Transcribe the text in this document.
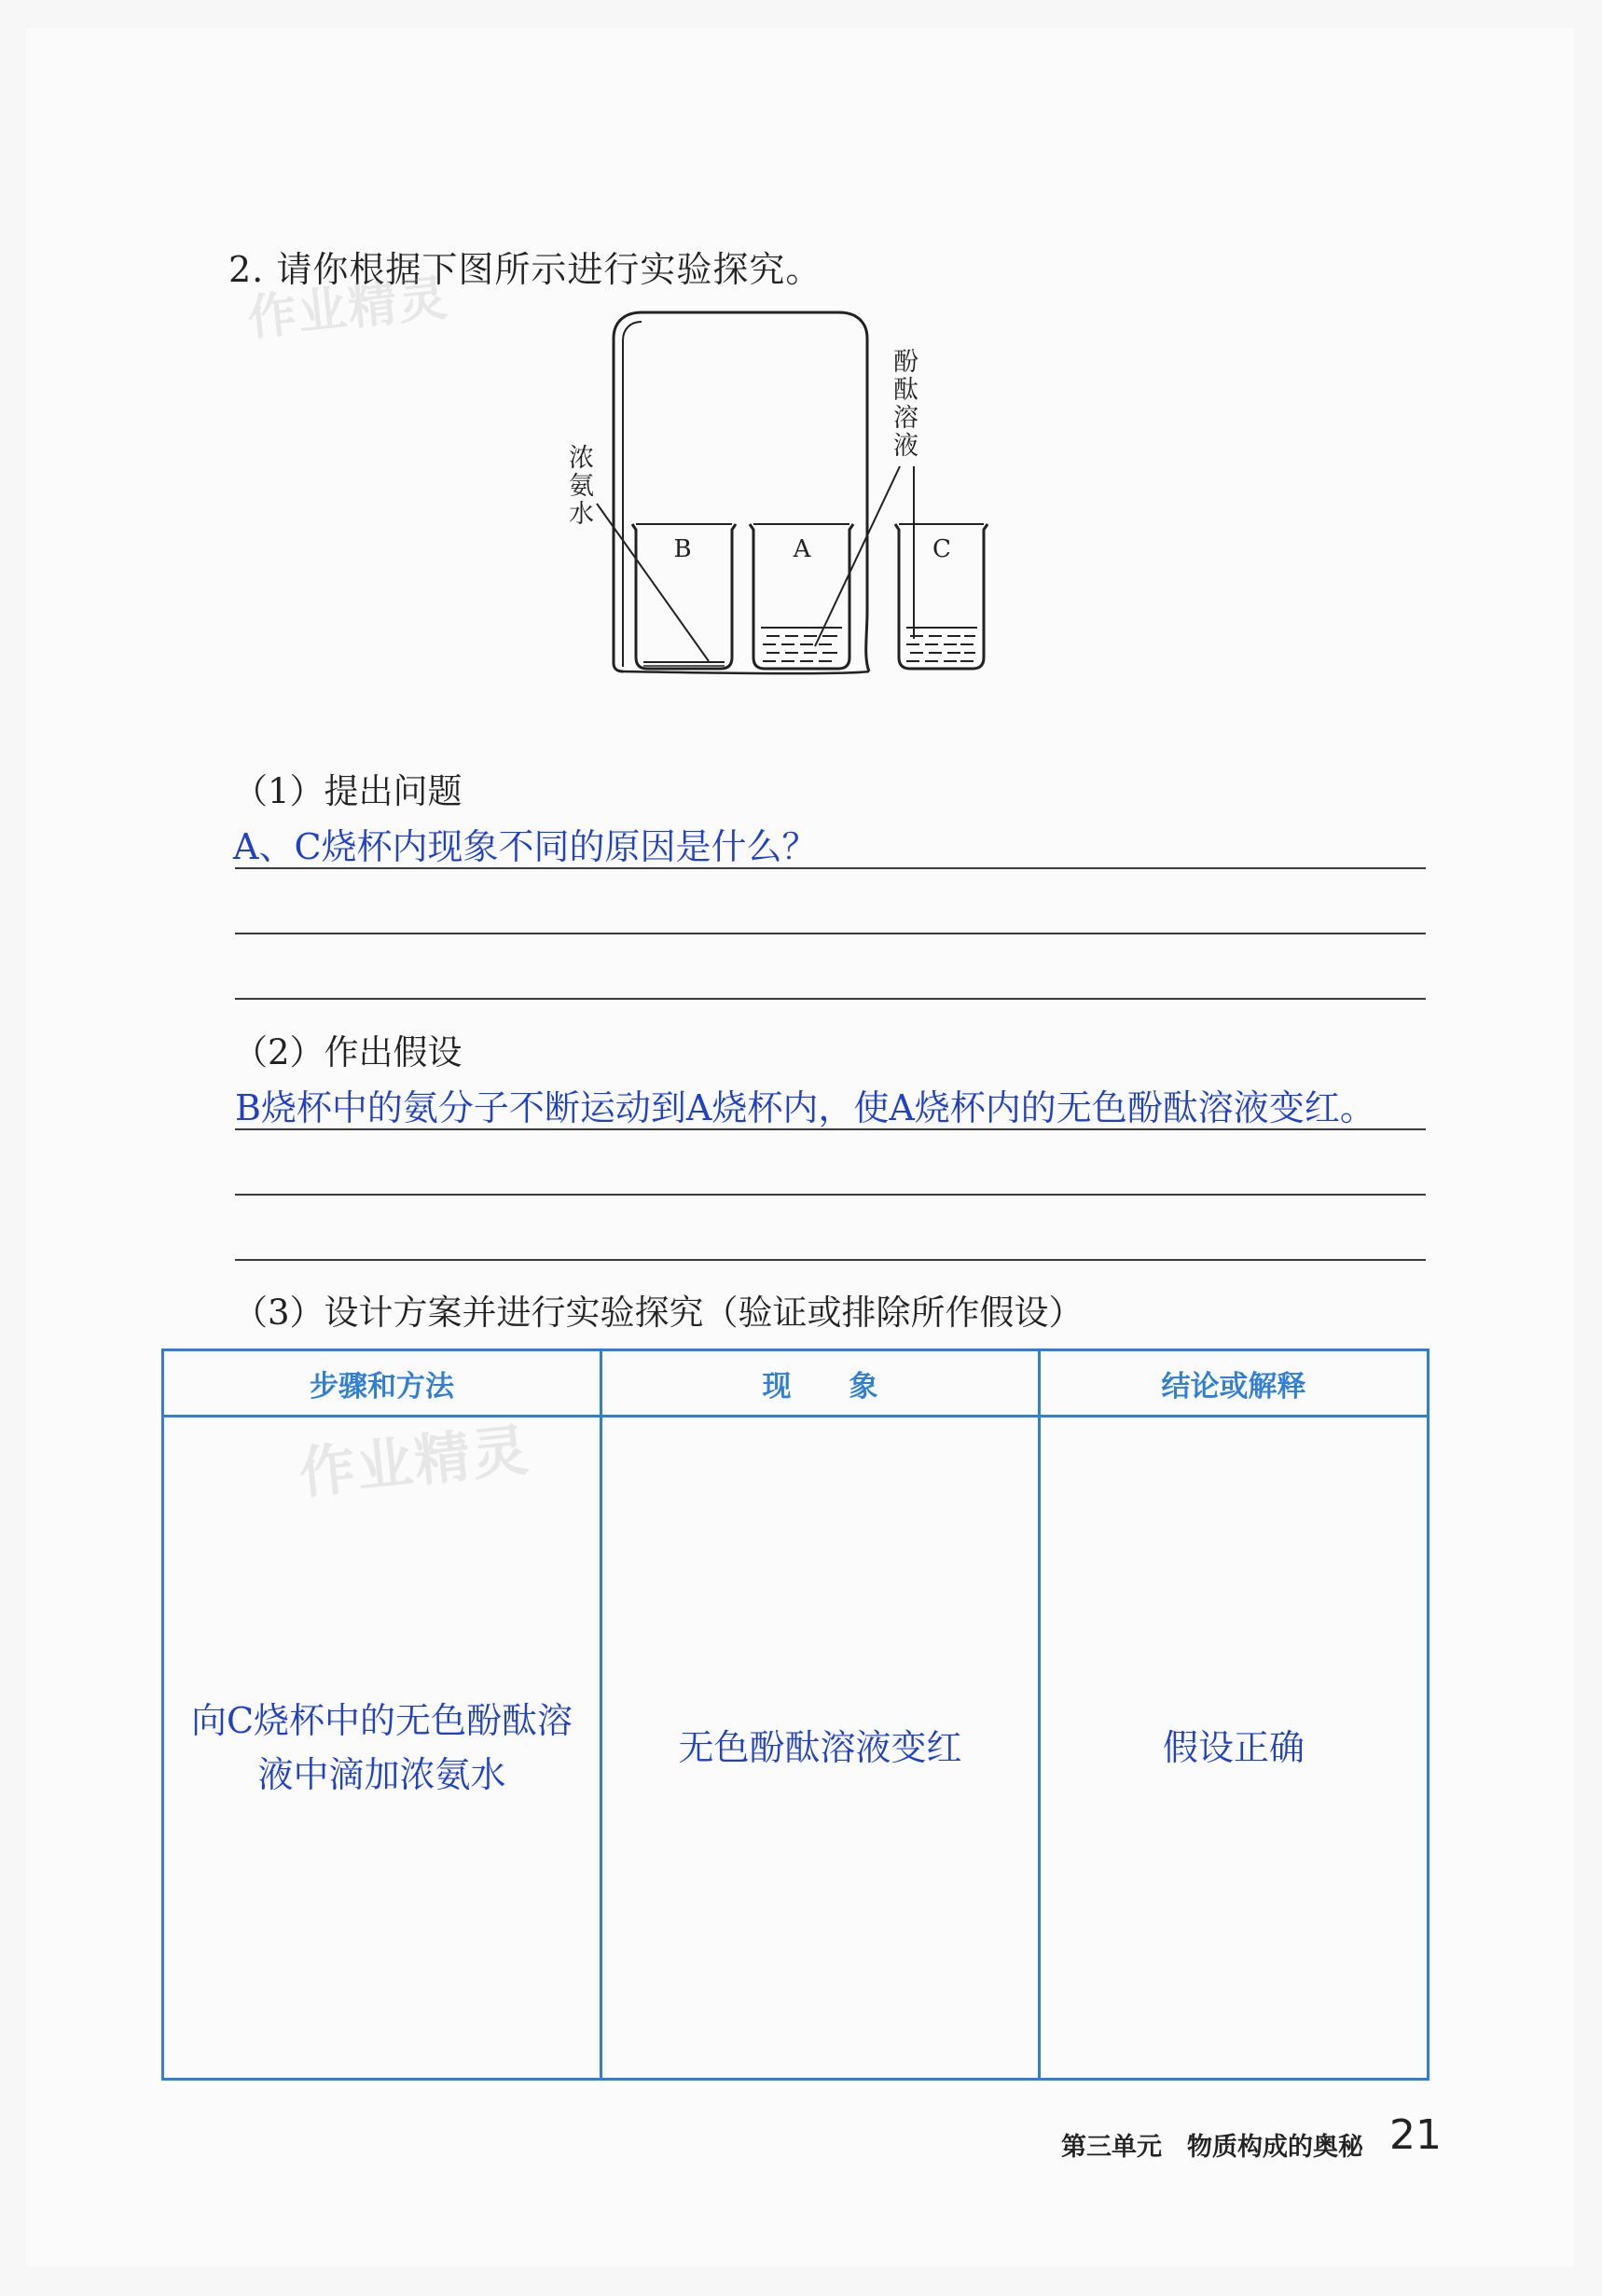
2. 请你根据下图所示进行实验探究。
作业精灵
B	A	C
浓
氨
水
酚
酞
溶
液
（1）提出问题
A、C烧杯内现象不同的原因是什么？
（2）作出假设
B烧杯中的氨分子不断运动到A烧杯内，使A烧杯内的无色酚酞溶液变红。
（3）设计方案并进行实验探究（验证或排除所作假设）
步骤和方法	现　　象	结论或解释
向C烧杯中的无色酚酞溶液中滴加浓氨水	无色酚酞溶液变红	假设正确
作业精灵
第三单元　物质构成的奥秘 21
